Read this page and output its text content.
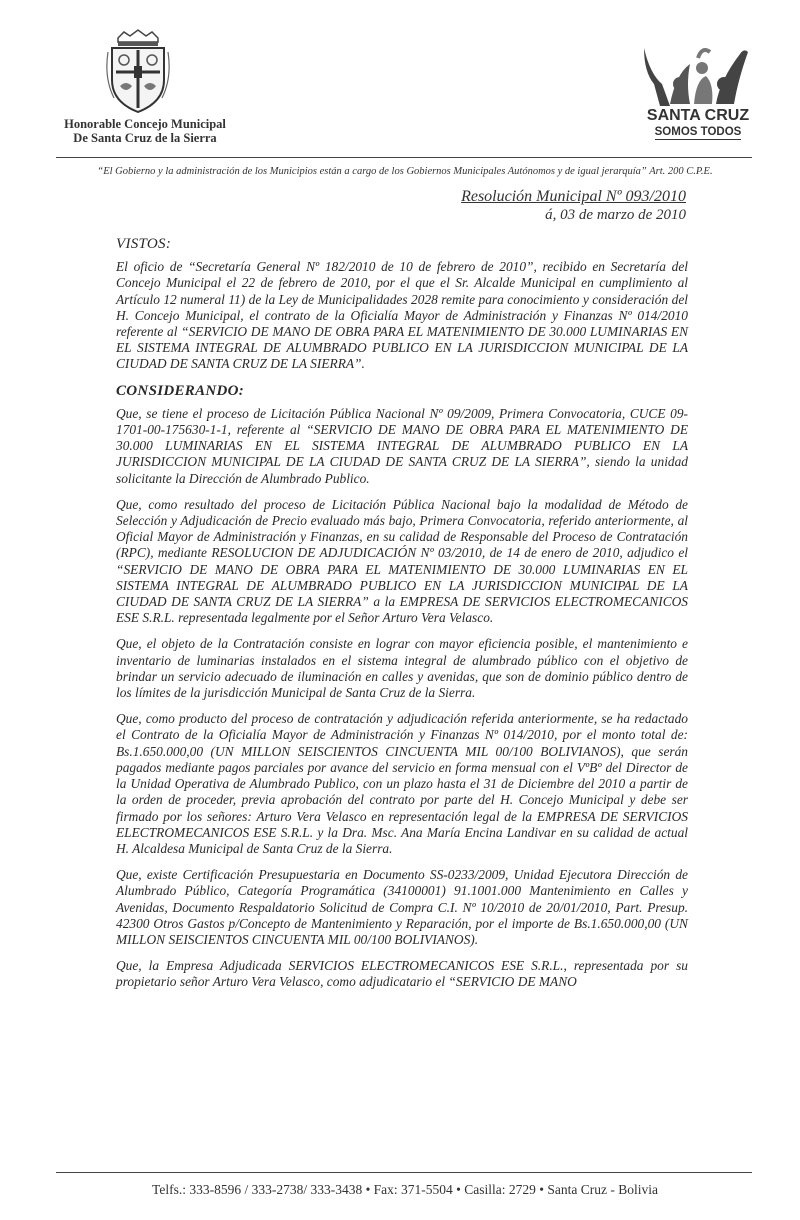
Honorable Concejo Municipal
De Santa Cruz de la Sierra
SANTA CRUZ
SOMOS TODOS
“El Gobierno y la administración de los Municipios están a cargo de los Gobiernos Municipales Autónomos y de igual jerarquía” Art. 200 C.P.E.
Resolución Municipal Nº 093/2010
á, 03 de marzo de 2010
VISTOS:

El oficio de “Secretaría General Nº 182/2010 de 10 de febrero de 2010”, recibido en Secretaría del Concejo Municipal el 22 de febrero de 2010, por el que el Sr. Alcalde Municipal en cumplimiento al Artículo 12 numeral 11) de la Ley de Municipalidades 2028 remite para conocimiento y consideración del H. Concejo Municipal, el contrato de la Oficialía Mayor de Administración y Finanzas Nº 014/2010 referente al “SERVICIO DE MANO DE OBRA PARA EL MATENIMIENTO DE 30.000 LUMINARIAS EN EL SISTEMA INTEGRAL DE ALUMBRADO PUBLICO EN LA JURISDICCION MUNICIPAL DE LA CIUDAD DE SANTA CRUZ DE LA SIERRA”.

CONSIDERANDO:

Que, se tiene el proceso de Licitación Pública Nacional Nº 09/2009, Primera Convocatoria, CUCE 09-1701-00-175630-1-1, referente al “SERVICIO DE MANO DE OBRA PARA EL MATENIMIENTO DE 30.000 LUMINARIAS EN EL SISTEMA INTEGRAL DE ALUMBRADO PUBLICO EN LA JURISDICCION MUNICIPAL DE LA CIUDAD DE SANTA CRUZ DE LA SIERRA”, siendo la unidad solicitante la Dirección de Alumbrado Publico.

Que, como resultado del proceso de Licitación Pública Nacional bajo la modalidad de Método de Selección y Adjudicación de Precio evaluado más bajo, Primera Convocatoria, referido anteriormente, al Oficial Mayor de Administración y Finanzas, en su calidad de Responsable del Proceso de Contratación (RPC), mediante RESOLUCION DE ADJUDICACIÓN Nº 03/2010, de 14 de enero de 2010, adjudico el “SERVICIO DE MANO DE OBRA PARA EL MATENIMIENTO DE 30.000 LUMINARIAS EN EL SISTEMA INTEGRAL DE ALUMBRADO PUBLICO EN LA JURISDICCION MUNICIPAL DE LA CIUDAD DE SANTA CRUZ DE LA SIERRA” a la EMPRESA DE SERVICIOS ELECTROMECANICOS ESE S.R.L. representada legalmente por el Señor Arturo Vera Velasco.

Que, el objeto de la Contratación consiste en lograr con mayor eficiencia posible, el mantenimiento e inventario de luminarias instalados en el sistema integral de alumbrado público con el objetivo de brindar un servicio adecuado de iluminación en calles y avenidas, que son de dominio público dentro de los límites de la jurisdicción Municipal de Santa Cruz de la Sierra.

Que, como producto del proceso de contratación y adjudicación referida anteriormente, se ha redactado el Contrato de la Oficialía Mayor de Administración y Finanzas Nº 014/2010, por el monto total de: Bs.1.650.000,00 (UN MILLON SEISCIENTOS CINCUENTA MIL 00/100 BOLIVIANOS), que serán pagados mediante pagos parciales por avance del servicio en forma mensual con el VºBº del Director de la Unidad Operativa de Alumbrado Publico, con un plazo hasta el 31 de Diciembre del 2010 a partir de la orden de proceder, previa aprobación del contrato por parte del H. Concejo Municipal y debe ser firmado por los señores: Arturo Vera Velasco en representación legal de la EMPRESA DE SERVICIOS ELECTROMECANICOS ESE S.R.L. y la Dra. Msc. Ana María Encina Landivar en su calidad de actual H. Alcaldesa Municipal de Santa Cruz de la Sierra.

Que, existe Certificación Presupuestaria en Documento SS-0233/2009, Unidad Ejecutora Dirección de Alumbrado Público, Categoría Programática (34100001) 91.1001.000 Mantenimiento en Calles y Avenidas, Documento Respaldatorio Solicitud de Compra C.I. Nº 10/2010 de 20/01/2010, Part. Presup. 42300 Otros Gastos p/Concepto de Mantenimiento y Reparación, por el importe de Bs.1.650.000,00 (UN MILLON SEISCIENTOS CINCUENTA MIL 00/100 BOLIVIANOS).

Que, la Empresa Adjudicada SERVICIOS ELECTROMECANICOS ESE S.R.L., representada por su propietario señor Arturo Vera Velasco, como adjudicatario el “SERVICIO DE MANO

Telfs.: 333-8596 / 333-2738/ 333-3438 • Fax: 371-5504 • Casilla: 2729 • Santa Cruz - Bolivia
